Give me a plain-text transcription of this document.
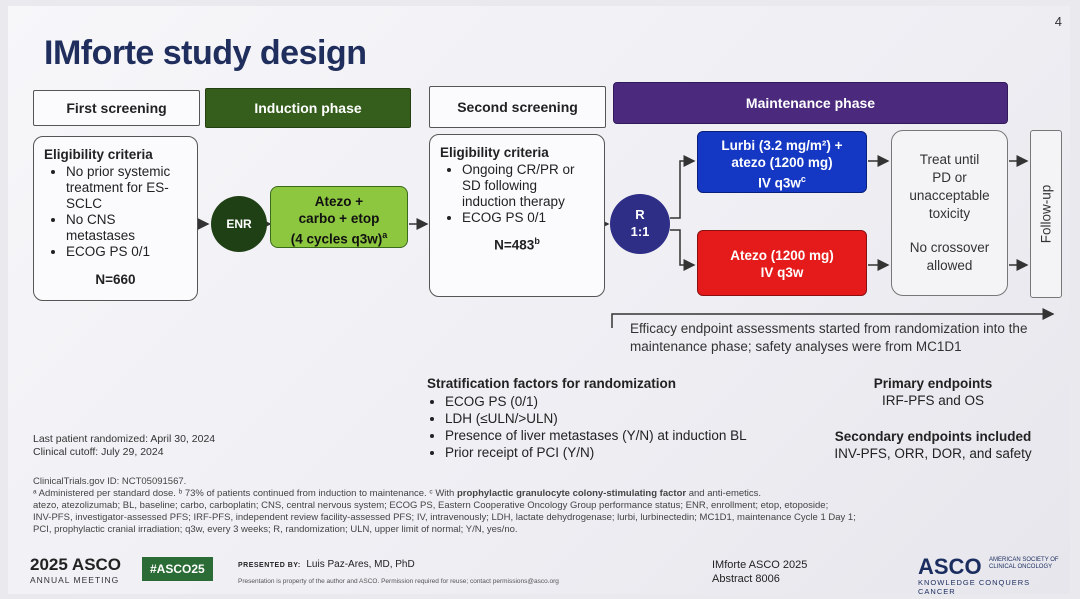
4
IMforte study design
First screening	Induction phase	Second screening	Maintenance phase
Eligibility criteria
• No prior systemic treatment for ES-SCLC
• No CNS metastases
• ECOG PS 0/1
N=660
ENR
Atezo +
carbo + etop
(4 cycles q3w)$^a$
Eligibility criteria
• Ongoing CR/PR or SD following induction therapy
• ECOG PS 0/1
$N=483^b$
R
1:1
Lurbi (3.2 mg/m²) +
atezo (1200 mg)
IV $q3w^c$
Atezo (1200 mg)
IV q3w
Treat until
PD or
unacceptable
toxicity
No crossover
allowed
Follow-up
Efficacy endpoint assessments started from randomization into the maintenance phase; safety analyses were from MC1D1
Stratification factors for randomization
• ECOG PS (0/1)
• LDH (≤ULN/>ULN)
• Presence of liver metastases (Y/N) at induction BL
• Prior receipt of PCI (Y/N)
Primary endpoints
IRF-PFS and OS
Secondary endpoints included
INV-PFS, ORR, DOR, and safety
Last patient randomized: April 30, 2024
Clinical cutoff: July 29, 2024
ClinicalTrials.gov ID: NCT05091567.
ᵃ Administered per standard dose. ᵇ 73% of patients continued from induction to maintenance. ᶜ With prophylactic granulocyte colony-stimulating factor and anti-emetics.
atezo, atezolizumab; BL, baseline; carbo, carboplatin; CNS, central nervous system; ECOG PS, Eastern Cooperative Oncology Group performance status; ENR, enrollment; etop, etoposide;
INV-PFS, investigator-assessed PFS; IRF-PFS, independent review facility-assessed PFS; IV, intravenously; LDH, lactate dehydrogenase; lurbi, lurbinectedin; MC1D1, maintenance Cycle 1 Day 1;
PCI, prophylactic cranial irradiation; q3w, every 3 weeks; R, randomization; ULN, upper limit of normal; Y/N, yes/no.
2025 ASCO
ANNUAL MEETING
#ASCO25	PRESENTED BY: Luis Paz-Ares, MD, PhD
Presentation is property of the author and ASCO. Permission required for reuse; contact permissions@asco.org
IMforte ASCO 2025
Abstract 8006	ASCO AMERICAN SOCIETY OF
CLINICAL ONCOLOGY
KNOWLEDGE CONQUERS CANCER
